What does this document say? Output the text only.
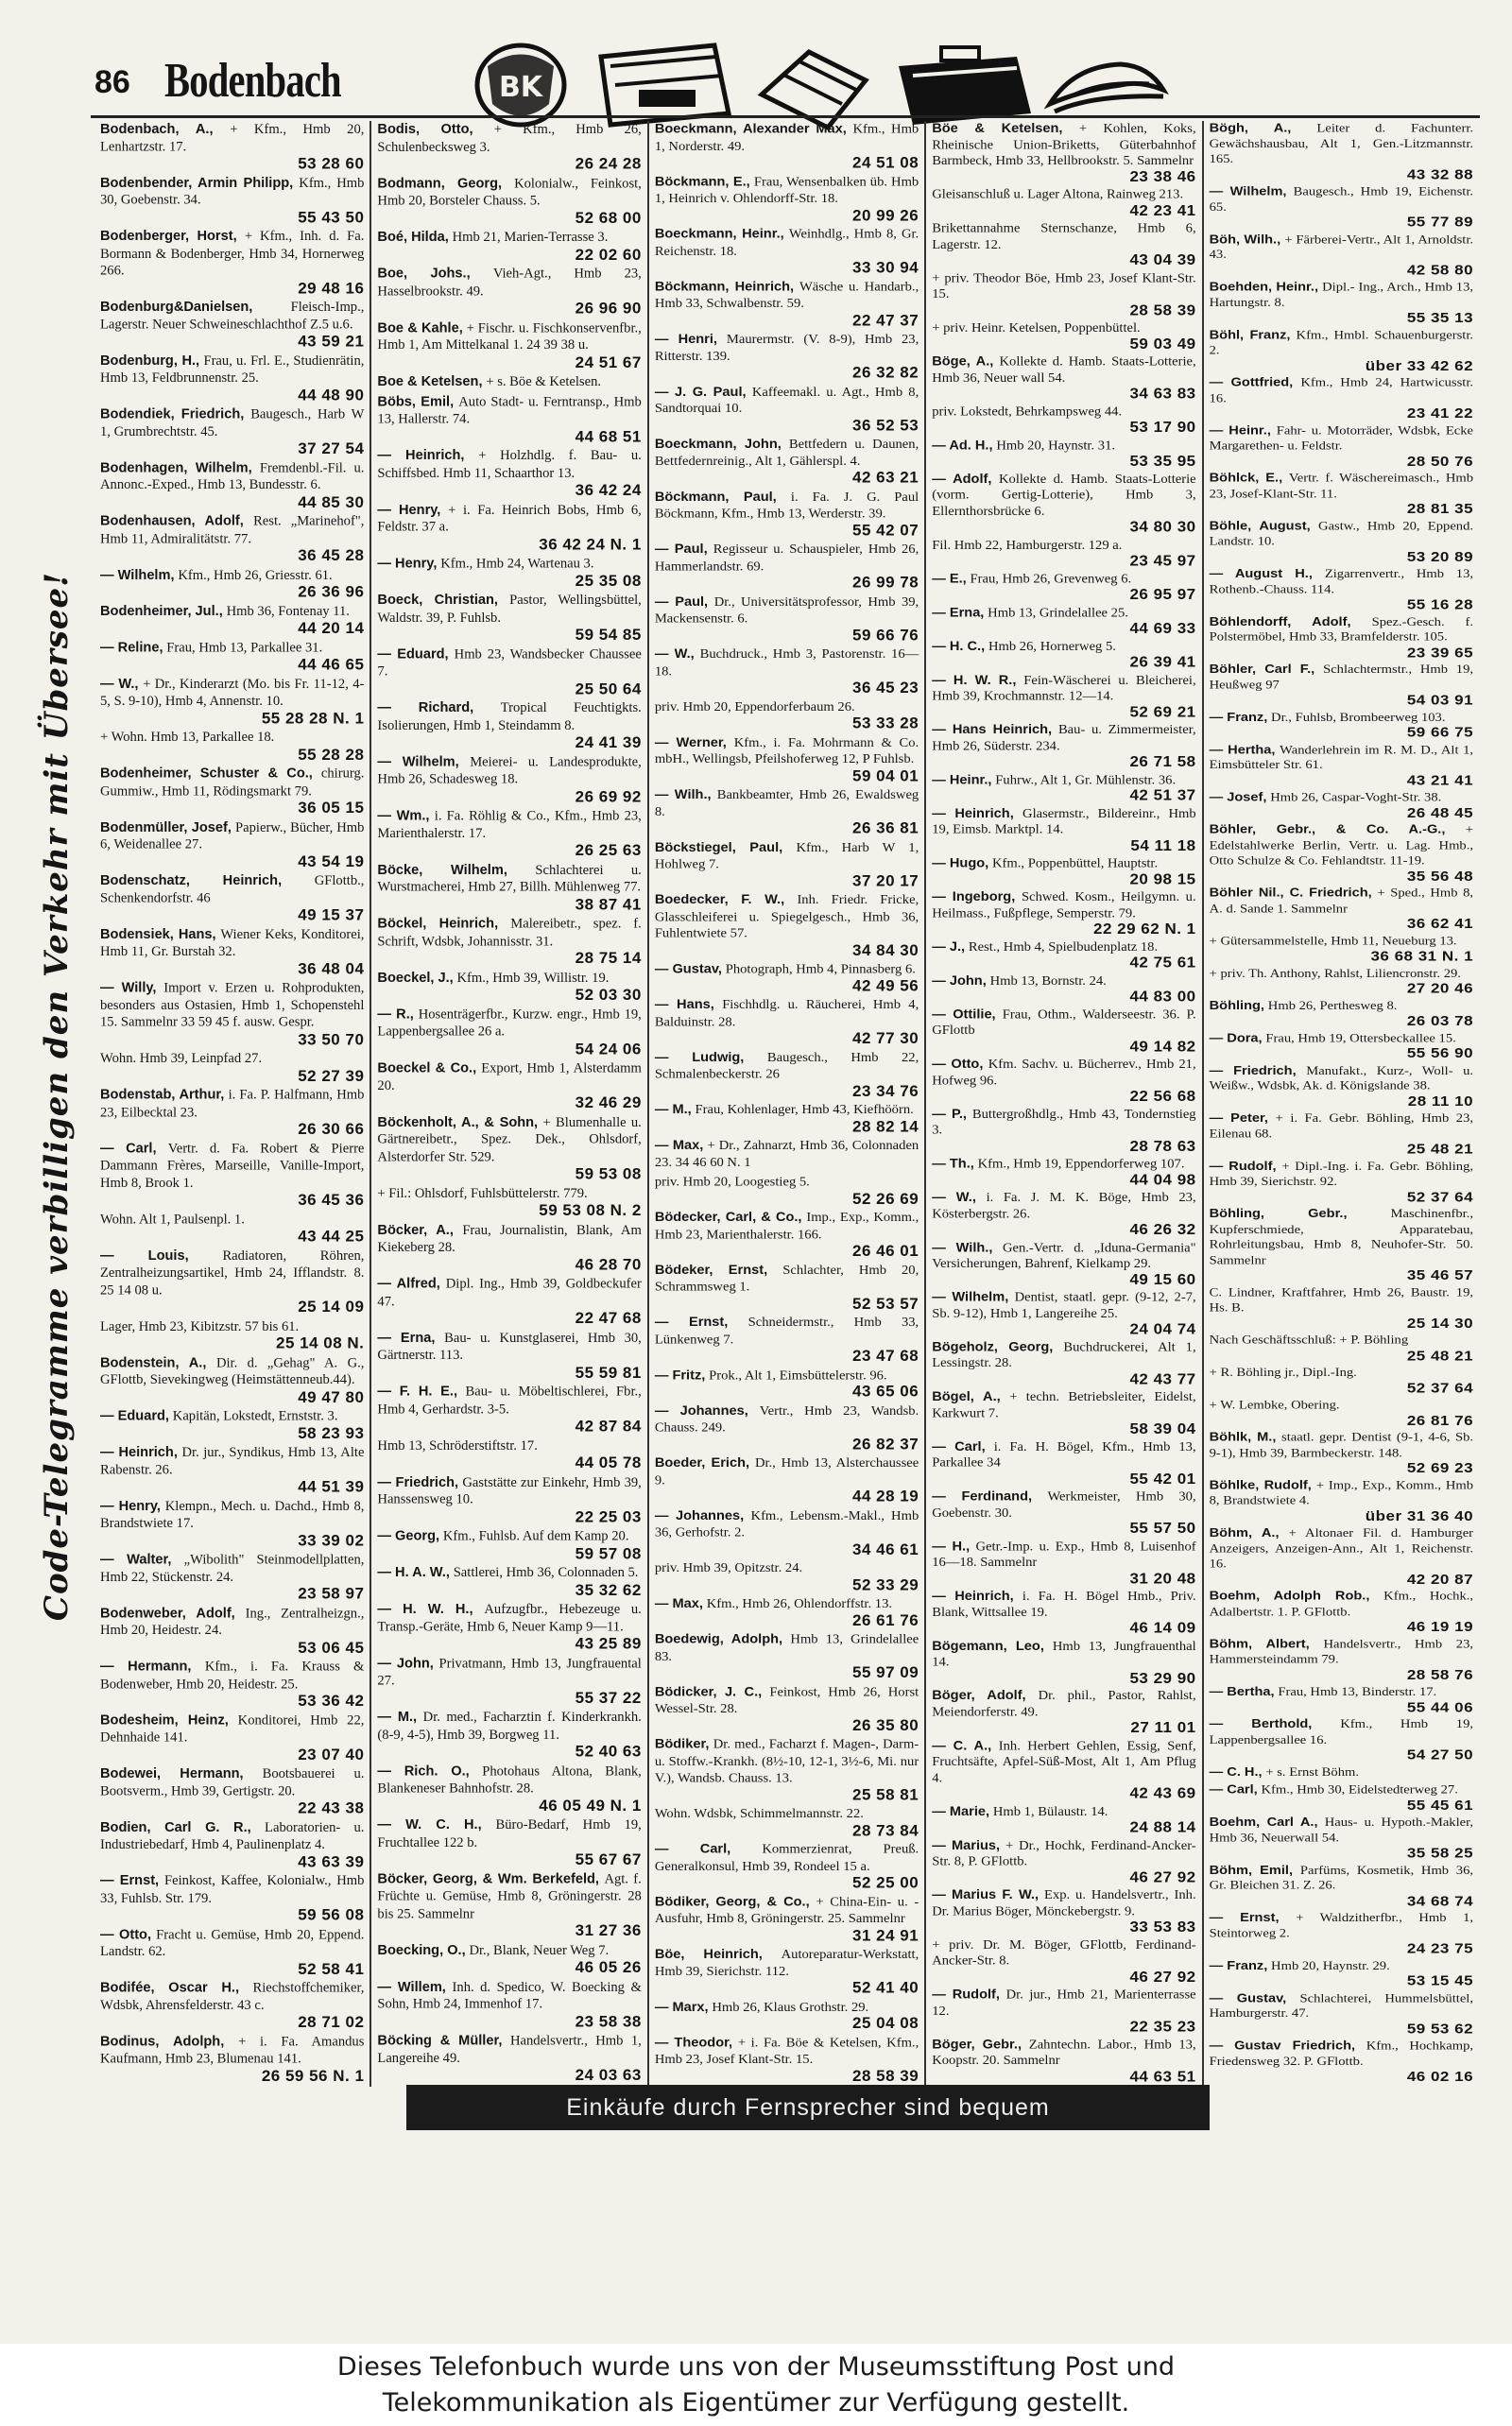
86 Bodenbach	BK
Code-Telegramme verbilligen den Verkehr mit Übersee!
Bodenbach, A., + Kfm., Hmb 20, Lenhartzstr. 17.
53 28 60
Bodenbender, Armin Philipp, Kfm., Hmb 30, Goebenstr. 34.
55 43 50
Bodenberger, Horst, + Kfm., Inh. d. Fa. Bormann & Bodenberger, Hmb 34, Hornerweg 266.
29 48 16
Bodenburg&Danielsen,	Fleisch-Imp., Lagerstr. Neuer Schweineschlachthof Z.5 u.6.
43 59 21
Bodenburg, H., Frau, u. Frl. E., Studienrätin, Hmb 13, Feldbrunnenstr. 25.
44 48 90
Bodendiek, Friedrich, Baugesch., Harb W 1, Grumbrechtstr. 45.
37 27 54
Bodenhagen, Wilhelm, Fremdenbl.-Fil. u. Annonc.-Exped., Hmb 13, Bundesstr. 6.
44 85 30
Bodenhausen, Adolf, Rest. „Marinehof", Hmb 11, Admiralitätstr. 77.
36 45 28
— Wilhelm, Kfm., Hmb 26, Griesstr. 61.
26 36 96
Bodenheimer, Jul., Hmb 36, Fontenay 11.
44 20 14
— Reline, Frau, Hmb 13, Parkallee 31.
44 46 65
— W., + Dr., Kinderarzt (Mo. bis Fr. 11-12, 4-5, S. 9-10), Hmb 4, Annenstr. 10.
55 28 28 N. 1
+ Wohn. Hmb 13, Parkallee 18.
55 28 28
Bodenheimer, Schuster & Co., chirurg. Gummiw., Hmb 11, Rödingsmarkt 79.
36 05 15
Bodenmüller, Josef, Papierw., Bücher, Hmb 6, Weidenallee 27.
43 54 19
Bodenschatz, Heinrich, GFlottb., Schenkendorfstr. 46
49 15 37
Bodensiek, Hans, Wiener Keks, Konditorei, Hmb 11, Gr. Burstah 32.
36 48 04
— Willy, Import v. Erzen u. Rohprodukten, besonders aus Ostasien, Hmb 1, Schopenstehl 15. Sammelnr 33 59 45 f. ausw. Gespr.
33 50 70
Wohn. Hmb 39, Leinpfad 27.
52 27 39
Bodenstab, Arthur, i. Fa. P. Halfmann, Hmb 23, Eilbecktal 23.
26 30 66
— Carl, Vertr. d. Fa. Robert & Pierre Dammann Frères, Marseille, Vanille-Import, Hmb 8, Brook 1.
36 45 36
Wohn. Alt 1, Paulsenpl. 1.
43 44 25
— Louis, Radiatoren, Röhren, Zentralheizungsartikel, Hmb 24, Ifflandstr. 8. 25 14 08 u.
25 14 09
Lager, Hmb 23, Kibitzstr. 57 bis 61.
25 14 08 N.
Bodenstein, A., Dir. d. „Gehag" A. G., GFlottb, Sievekingweg (Heimstättenneub.44).
49 47 80
— Eduard, Kapitän, Lokstedt, Ernststr. 3.
58 23 93
— Heinrich, Dr. jur., Syndikus, Hmb 13, Alte Rabenstr. 26.
44 51 39
— Henry, Klempn., Mech. u. Dachd., Hmb 8, Brandstwiete 17.
33 39 02
— Walter, „Wibolith" Steinmodellplatten, Hmb 22, Stückenstr. 24.
23 58 97
Bodenweber, Adolf, Ing., Zentralheizgn., Hmb 20, Heidestr. 24.
53 06 45
— Hermann, Kfm., i. Fa. Krauss & Bodenweber, Hmb 20, Heidestr. 25.
53 36 42
Bodesheim, Heinz, Konditorei, Hmb 22, Dehnhaide 141.
23 07 40
Bodewei, Hermann, Bootsbauerei u. Bootsverm., Hmb 39, Gertigstr. 20.
22 43 38
Bodien, Carl G. R., Laboratorien- u. Industriebedarf, Hmb 4, Paulinenplatz 4.
43 63 39
— Ernst, Feinkost, Kaffee, Kolonialw., Hmb 33, Fuhlsb. Str. 179.
59 56 08
— Otto, Fracht u. Gemüse, Hmb 20, Eppend. Landstr. 62.
52 58 41
Bodifée, Oscar H., Riechstoffchemiker, Wdsbk, Ahrensfelderstr. 43 c.
28 71 02
Bodinus, Adolph, + i. Fa. Amandus Kaufmann, Hmb 23, Blumenau 141.
26 59 56 N. 1
Bodis, Otto, + Kfm., Hmb 26, Schulenbecksweg 3.
26 24 28
Bodmann, Georg, Kolonialw., Feinkost, Hmb 20, Borsteler Chauss. 5.
52 68 00
Boé, Hilda, Hmb 21, Marien-Terrasse 3.
22 02 60
Boe, Johs., Vieh-Agt., Hmb 23, Hasselbrookstr. 49.
26 96 90
Boe & Kahle, + Fischr. u. Fischkonservenfbr., Hmb 1, Am Mittelkanal 1. 24 39 38 u.
24 51 67
Boe & Ketelsen, + s. Böe & Ketelsen.
Böbs, Emil, Auto Stadt- u. Ferntransp., Hmb 13, Hallerstr. 74.
44 68 51
— Heinrich, + Holzhdlg. f. Bau- u. Schiffsbed. Hmb 11, Schaarthor 13.
36 42 24
— Henry, + i. Fa. Heinrich Bobs, Hmb 6, Feldstr. 37 a.
36 42 24 N. 1
— Henry, Kfm., Hmb 24, Wartenau 3.
25 35 08
Boeck, Christian, Pastor, Wellingsbüttel, Waldstr. 39, P. Fuhlsb.
59 54 85
— Eduard, Hmb 23, Wandsbecker Chaussee 7.
25 50 64
— Richard, Tropical Feuchtigkts. Isolierungen, Hmb 1, Steindamm 8.
24 41 39
— Wilhelm, Meierei- u. Landesprodukte, Hmb 26, Schadesweg 18.
26 69 92
— Wm., i. Fa. Röhlig & Co., Kfm., Hmb 23, Marienthalerstr. 17.
26 25 63
Böcke, Wilhelm, Schlachterei u. Wurstmacherei, Hmb 27, Billh. Mühlenweg 77.
38 87 41
Böckel, Heinrich, Malereibetr., spez. f. Schrift, Wdsbk, Johannisstr. 31.
28 75 14
Boeckel, J., Kfm., Hmb 39, Willistr. 19.
52 03 30
— R., Hosenträgerfbr., Kurzw. engr., Hmb 19, Lappenbergsallee 26 a.
54 24 06
Boeckel & Co., Export, Hmb 1, Alsterdamm 20.
32 46 29
Böckenholt, A., & Sohn, + Blumenhalle u. Gärtnereibetr., Spez. Dek., Ohlsdorf, Alsterdorfer Str. 529.
59 53 08
+ Fil.: Ohlsdorf, Fuhlsbüttelerstr. 779.
59 53 08 N. 2
Böcker, A., Frau, Journalistin, Blank, Am Kiekeberg 28.
46 28 70
— Alfred, Dipl. Ing., Hmb 39, Goldbeckufer 47.
22 47 68
— Erna, Bau- u. Kunstglaserei, Hmb 30, Gärtnerstr. 113.
55 59 81
— F. H. E., Bau- u. Möbeltischlerei, Fbr., Hmb 4, Gerhardstr. 3-5.
42 87 84
Hmb 13, Schröderstiftstr. 17.
44 05 78
— Friedrich, Gaststätte zur Einkehr, Hmb 39, Hanssensweg 10.
22 25 03
— Georg, Kfm., Fuhlsb. Auf dem Kamp 20.
59 57 08
— H. A. W., Sattlerei, Hmb 36, Colonnaden 5.
35 32 62
— H. W. H., Aufzugfbr., Hebezeuge u. Transp.-Geräte, Hmb 6, Neuer Kamp 9—11.
43 25 89
— John, Privatmann, Hmb 13, Jungfrauental 27.
55 37 22
— M., Dr. med., Facharztin f. Kinderkrankh. (8-9, 4-5), Hmb 39, Borgweg 11.
52 40 63
— Rich. O., Photohaus Altona, Blank, Blankeneser Bahnhofstr. 28.
46 05 49 N. 1
— W. C. H., Büro-Bedarf, Hmb 19, Fruchtallee 122 b.
55 67 67
Böcker, Georg, & Wm. Berkefeld, Agt. f. Früchte u. Gemüse, Hmb 8, Gröningerstr. 28 bis 25. Sammelnr
31 27 36
Boecking, O., Dr., Blank, Neuer Weg 7.
46 05 26
— Willem, Inh. d. Spedico, W. Boecking & Sohn, Hmb 24, Immenhof 17.
23 58 38
Böcking & Müller, Handelsvertr., Hmb 1, Langereihe 49.
24 03 63
Boeckmann, Alexander Max, Kfm., Hmb 1, Norderstr. 49.
24 51 08
Böckmann, E., Frau, Wensenbalken üb. Hmb 1, Heinrich v. Ohlendorff-Str. 18.
20 99 26
Boeckmann, Heinr., Weinhdlg., Hmb 8, Gr. Reichenstr. 18.
33 30 94
Böckmann, Heinrich, Wäsche u. Handarb., Hmb 33, Schwalbenstr. 59.
22 47 37
— Henri, Maurermstr. (V. 8-9), Hmb 23, Ritterstr. 139.
26 32 82
— J. G. Paul, Kaffeemakl. u. Agt., Hmb 8, Sandtorquai 10.
36 52 53
Boeckmann, John, Bettfedern u. Daunen, Bettfedernreinig., Alt 1, Gählerspl. 4.
42 63 21
Böckmann, Paul, i. Fa. J. G. Paul Böckmann, Kfm., Hmb 13, Werderstr. 39.
55 42 07
— Paul, Regisseur u. Schauspieler, Hmb 26, Hammerlandstr. 69.
26 99 78
— Paul, Dr., Universitätsprofessor, Hmb 39, Mackensenstr. 6.
59 66 76
— W., Buchdruck., Hmb 3, Pastorenstr. 16—18.
36 45 23
priv. Hmb 20, Eppendorferbaum 26.
53 33 28
— Werner, Kfm., i. Fa. Mohrmann & Co. mbH., Wellingsb, Pfeilshoferweg 12, P Fuhlsb.
59 04 01
— Wilh., Bankbeamter, Hmb 26, Ewaldsweg 8.
26 36 81
Böckstiegel, Paul, Kfm., Harb W 1, Hohlweg 7.
37 20 17
Boedecker, F. W., Inh. Friedr. Fricke, Glasschleiferei u. Spiegelgesch., Hmb 36, Fuhlentwiete 57.
34 84 30
— Gustav, Photograph, Hmb 4, Pinnasberg 6.
42 49 56
— Hans, Fischhdlg. u. Räucherei, Hmb 4, Balduinstr. 28.
42 77 30
— Ludwig, Baugesch., Hmb 22, Schmalenbeckerstr. 26
23 34 76
— M., Frau, Kohlenlager, Hmb 43, Kiefhöörn.
28 82 14
— Max, + Dr., Zahnarzt, Hmb 36, Colonnaden 23. 34 46 60 N. 1
priv. Hmb 20, Loogestieg 5.
52 26 69
Bödecker, Carl, & Co., Imp., Exp., Komm., Hmb 23, Marienthalerstr. 166.
26 46 01
Bödeker, Ernst, Schlachter, Hmb 20, Schrammsweg 1.
52 53 57
— Ernst, Schneidermstr., Hmb 33, Lünkenweg 7.
23 47 68
— Fritz, Prok., Alt 1, Eimsbüttelerstr. 96.
43 65 06
— Johannes, Vertr., Hmb 23, Wandsb. Chauss. 249.
26 82 37
Boeder, Erich, Dr., Hmb 13, Alsterchaussee 9.
44 28 19
— Johannes, Kfm., Lebensm.-Makl., Hmb 36, Gerhofstr. 2.
34 46 61
priv. Hmb 39, Opitzstr. 24.
52 33 29
— Max, Kfm., Hmb 26, Ohlendorffstr. 13.
26 61 76
Boedewig, Adolph, Hmb 13, Grindelallee 83.
55 97 09
Bödicker, J. C., Feinkost, Hmb 26, Horst Wessel-Str. 28.
26 35 80
Bödiker, Dr. med., Facharzt f. Magen-, Darm- u. Stoffw.-Krankh. (8½-10, 12-1, 3½-6, Mi. nur V.), Wandsb. Chauss. 13.
25 58 81
Wohn. Wdsbk, Schimmelmannstr. 22.
28 73 84
— Carl, Kommerzienrat, Preuß. Generalkonsul, Hmb 39, Rondeel 15 a.
52 25 00
Bödiker, Georg, & Co., + China-Ein- u. -Ausfuhr, Hmb 8, Gröningerstr. 25. Sammelnr
31 24 91
Böe, Heinrich, Autoreparatur-Werkstatt, Hmb 39, Sierichstr. 112.
52 41 40
— Marx, Hmb 26, Klaus Grothstr. 29.
25 04 08
— Theodor, + i. Fa. Böe & Ketelsen, Kfm., Hmb 23, Josef Klant-Str. 15.
28 58 39
Böe & Ketelsen, + Kohlen, Koks, Rheinische Union-Briketts, Güterbahnhof Barmbeck, Hmb 33, Hellbrookstr. 5. Sammelnr
23 38 46
Gleisanschluß u. Lager Altona, Rainweg 213.
42 23 41
Brikettannahme Sternschanze, Hmb 6, Lagerstr. 12.
43 04 39
+ priv. Theodor Böe, Hmb 23, Josef Klant-Str. 15.
28 58 39
+ priv. Heinr. Ketelsen, Poppenbüttel.
59 03 49
Böge, A., Kollekte d. Hamb. Staats-Lotterie, Hmb 36, Neuer wall 54.
34 63 83
priv. Lokstedt, Behrkampsweg 44.
53 17 90
— Ad. H., Hmb 20, Haynstr. 31.
53 35 95
— Adolf, Kollekte d. Hamb. Staats-Lotterie (vorm. Gertig-Lotterie), Hmb 3, Ellernthorsbrücke 6.
34 80 30
Fil. Hmb 22, Hamburgerstr. 129 a.
23 45 97
— E., Frau, Hmb 26, Grevenweg 6.
26 95 97
— Erna, Hmb 13, Grindelallee 25.
44 69 33
— H. C., Hmb 26, Hornerweg 5.
26 39 41
— H. W. R., Fein-Wäscherei u. Bleicherei, Hmb 39, Krochmannstr. 12—14.
52 69 21
— Hans Heinrich, Bau- u. Zimmermeister, Hmb 26, Süderstr. 234.
26 71 58
— Heinr., Fuhrw., Alt 1, Gr. Mühlenstr. 36.
42 51 37
— Heinrich, Glasermstr., Bildereinr., Hmb 19, Eimsb. Marktpl. 14.
54 11 18
— Hugo, Kfm., Poppenbüttel, Hauptstr.
20 98 15
— Ingeborg, Schwed. Kosm., Heilgymn. u. Heilmass., Fußpflege, Semperstr. 79.
22 29 62 N. 1
— J., Rest., Hmb 4, Spielbudenplatz 18.
42 75 61
— John, Hmb 13, Bornstr. 24.
44 83 00
— Ottilie, Frau, Othm., Walderseestr. 36. P. GFlottb
49 14 82
— Otto, Kfm. Sachv. u. Bücherrev., Hmb 21, Hofweg 96.
22 56 68
— P., Buttergroßhdlg., Hmb 43, Tondernstieg 3.
28 78 63
— Th., Kfm., Hmb 19, Eppendorferweg 107.
44 04 98
— W., i. Fa. J. M. K. Böge, Hmb 23, Kösterbergstr. 26.
46 26 32
— Wilh., Gen.-Vertr. d. „Iduna-Germania" Versicherungen, Bahrenf, Kielkamp 29.
49 15 60
— Wilhelm, Dentist, staatl. gepr. (9-12, 2-7, Sb. 9-12), Hmb 1, Langereihe 25.
24 04 74
Bögeholz, Georg, Buchdruckerei, Alt 1, Lessingstr. 28.
42 43 77
Bögel, A., + techn. Betriebsleiter, Eidelst, Karkwurt 7.
58 39 04
— Carl, i. Fa. H. Bögel, Kfm., Hmb 13, Parkallee 34
55 42 01
— Ferdinand, Werkmeister, Hmb 30, Goebenstr. 30.
55 57 50
— H., Getr.-Imp. u. Exp., Hmb 8, Luisenhof 16—18. Sammelnr
31 20 48
— Heinrich, i. Fa. H. Bögel Hmb., Priv. Blank, Wittsallee 19.
46 14 09
Bögemann, Leo, Hmb 13, Jungfrauenthal 14.
53 29 90
Böger, Adolf, Dr. phil., Pastor, Rahlst, Meiendorferstr. 49.
27 11 01
— C. A., Inh. Herbert Gehlen, Essig, Senf, Fruchtsäfte, Apfel-Süß-Most, Alt 1, Am Pflug 4.
42 43 69
— Marie, Hmb 1, Bülaustr. 14.
24 88 14
— Marius, + Dr., Hochk, Ferdinand-Ancker-Str. 8, P. GFlottb.
46 27 92
— Marius F. W., Exp. u. Handelsvertr., Inh. Dr. Marius Böger, Mönckebergstr. 9.
33 53 83
+ priv. Dr. M. Böger, GFlottb, Ferdinand-Ancker-Str. 8.
46 27 92
— Rudolf, Dr. jur., Hmb 21, Marienterrasse 12.
22 35 23
Böger, Gebr., Zahntechn. Labor., Hmb 13, Koopstr. 20. Sammelnr
44 63 51
Bögh, A., Leiter d. Fachunterr. Gewächshausbau, Alt 1, Gen.-Litzmannstr. 165.
43 32 88
— Wilhelm, Baugesch., Hmb 19, Eichenstr. 65.
55 77 89
Böh, Wilh., + Färberei-Vertr., Alt 1, Arnoldstr. 43.
42 58 80
Boehden, Heinr., Dipl.- Ing., Arch., Hmb 13, Hartungstr. 8.
55 35 13
Böhl, Franz, Kfm., Hmbl. Schauenburgerstr. 2.
über 33 42 62
— Gottfried, Kfm., Hmb 24, Hartwicusstr. 16.
23 41 22
— Heinr., Fahr- u. Motorräder, Wdsbk, Ecke Margarethen- u. Feldstr.
28 50 76
Böhlck, E., Vertr. f. Wäschereimasch., Hmb 23, Josef-Klant-Str. 11.
28 81 35
Böhle, August, Gastw., Hmb 20, Eppend. Landstr. 10.
53 20 89
— August H., Zigarrenvertr., Hmb 13, Rothenb.-Chauss. 114.
55 16 28
Böhlendorff, Adolf, Spez.-Gesch. f. Polstermöbel, Hmb 33, Bramfelderstr. 105.
23 39 65
Böhler, Carl F., Schlachtermstr., Hmb 19, Heußweg 97
54 03 91
— Franz, Dr., Fuhlsb, Brombeerweg 103.
59 66 75
— Hertha, Wanderlehrein im R. M. D., Alt 1, Eimsbütteler Str. 61.
43 21 41
— Josef, Hmb 26, Caspar-Voght-Str. 38.
26 48 45
Böhler, Gebr., & Co. A.-G., + Edelstahlwerke Berlin, Vertr. u. Lag. Hmb., Otto Schulze & Co. Fehlandtstr. 11-19.
35 56 48
Böhler Nil., C. Friedrich, + Sped., Hmb 8, A. d. Sande 1. Sammelnr
36 62 41
+ Gütersammelstelle, Hmb 11, Neueburg 13.
36 68 31 N. 1
+ priv. Th. Anthony, Rahlst, Liliencronstr. 29.
27 20 46
Böhling, Hmb 26, Perthesweg 8.
26 03 78
— Dora, Frau, Hmb 19, Ottersbeckallee 15.
55 56 90
— Friedrich, Manufakt., Kurz-, Woll- u. Weißw., Wdsbk, Ak. d. Königslande 38.
28 11 10
— Peter, + i. Fa. Gebr. Böhling, Hmb 23, Eilenau 68.
25 48 21
— Rudolf, + Dipl.-Ing. i. Fa. Gebr. Böhling, Hmb 39, Sierichstr. 92.
52 37 64
Böhling, Gebr.,	Maschinenfbr., Kupferschmiede, Apparatebau, Rohrleitungsbau, Hmb 8, Neuhofer-Str. 50. Sammelnr
35 46 57
C. Lindner, Kraftfahrer, Hmb 26, Baustr. 19, Hs. B.
25 14 30
Nach Geschäftsschluß: + P. Böhling
25 48 21
+ R. Böhling jr., Dipl.-Ing.
52 37 64
+ W. Lembke, Obering.
26 81 76
Böhlk, M., staatl. gepr. Dentist (9-1, 4-6, Sb. 9-1), Hmb 39, Barmbeckerstr. 148.
52 69 23
Böhlke, Rudolf, + Imp., Exp., Komm., Hmb 8, Brandstwiete 4.
über 31 36 40
Böhm, A., + Altonaer Fil. d. Hamburger Anzeigers, Anzeigen-Ann., Alt 1, Reichenstr. 16.
42 20 87
Boehm, Adolph Rob., Kfm., Hochk., Adalbertstr. 1. P. GFlottb.
46 19 19
Böhm, Albert, Handelsvertr., Hmb 23, Hammersteindamm 79.
28 58 76
— Bertha, Frau, Hmb 13, Binderstr. 17.
55 44 06
— Berthold, Kfm., Hmb 19, Lappenbergsallee 16.
54 27 50
— C. H., + s. Ernst Böhm.
— Carl, Kfm., Hmb 30, Eidelstedterweg 27.
55 45 61
Boehm, Carl A., Haus- u. Hypoth.-Makler, Hmb 36, Neuerwall 54.
35 58 25
Böhm, Emil, Parfüms, Kosmetik, Hmb 36, Gr. Bleichen 31. Z. 26.
34 68 74
— Ernst, + Waldzitherfbr., Hmb 1, Steintorweg 2.
24 23 75
— Franz, Hmb 20, Haynstr. 29.
53 15 45
— Gustav, Schlachterei, Hummelsbüttel, Hamburgerstr. 47.
59 53 62
— Gustav Friedrich, Kfm., Hochkamp, Friedensweg 32. P. GFlottb.
46 02 16
Einkäufe durch Fernsprecher sind bequem
Dieses Telefonbuch wurde uns von der Museumsstiftung Post und
Telekommunikation als Eigentümer zur Verfügung gestellt.
